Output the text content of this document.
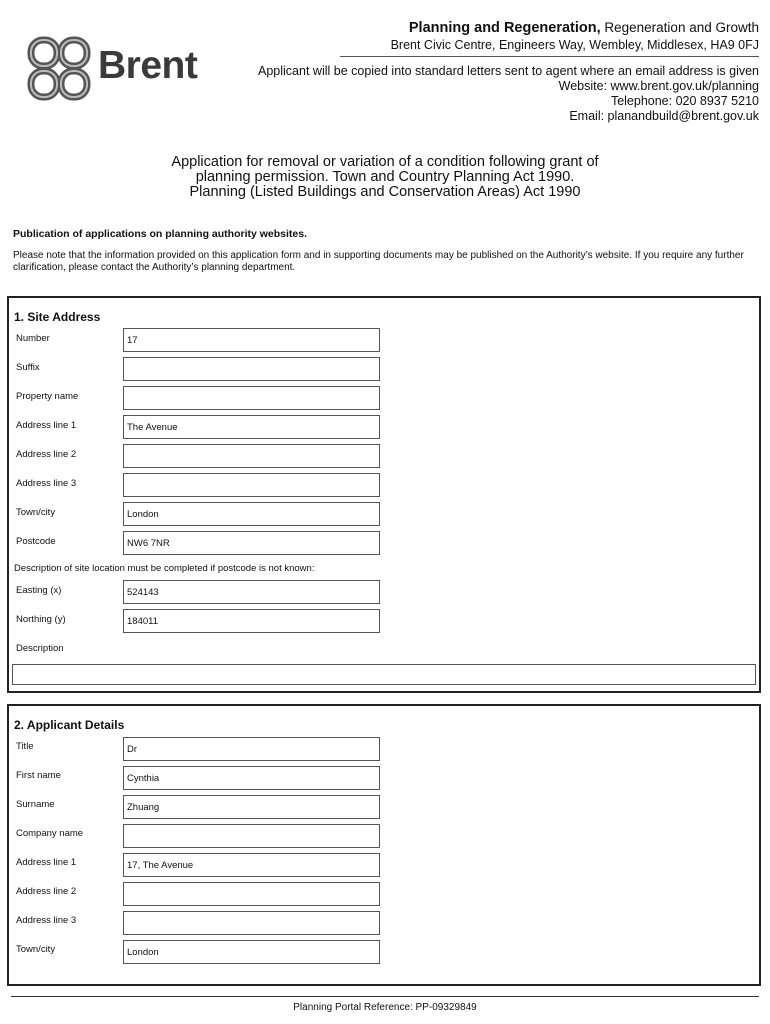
Brent
Planning and Regeneration, Regeneration and Growth
Brent Civic Centre, Engineers Way, Wembley, Middlesex, HA9 0FJ
Applicant will be copied into standard letters sent to agent where an email address is given
Website: www.brent.gov.uk/planning
Telephone: 020 8937 5210
Email: planandbuild@brent.gov.uk
Application for removal or variation of a condition following grant of
planning permission. Town and Country Planning Act 1990.
Planning (Listed Buildings and Conservation Areas) Act 1990
Publication of applications on planning authority websites.
Please note that the information provided on this application form and in supporting documents may be published on the Authority’s website. If you require any further clarification, please contact the Authority’s planning department.
1. Site Address
Number	17
Suffix
Property name
Address line 1	The Avenue
Address line 2
Address line 3
Town/city	London
Postcode	NW6 7NR
Description of site location must be completed if postcode is not known:
Easting (x)	524143
Northing (y)	184011
Description
2. Applicant Details
Title	Dr
First name	Cynthia
Surname	Zhuang
Company name
Address line 1	17, The Avenue
Address line 2
Address line 3
Town/city	London
Planning Portal Reference: PP-09329849
